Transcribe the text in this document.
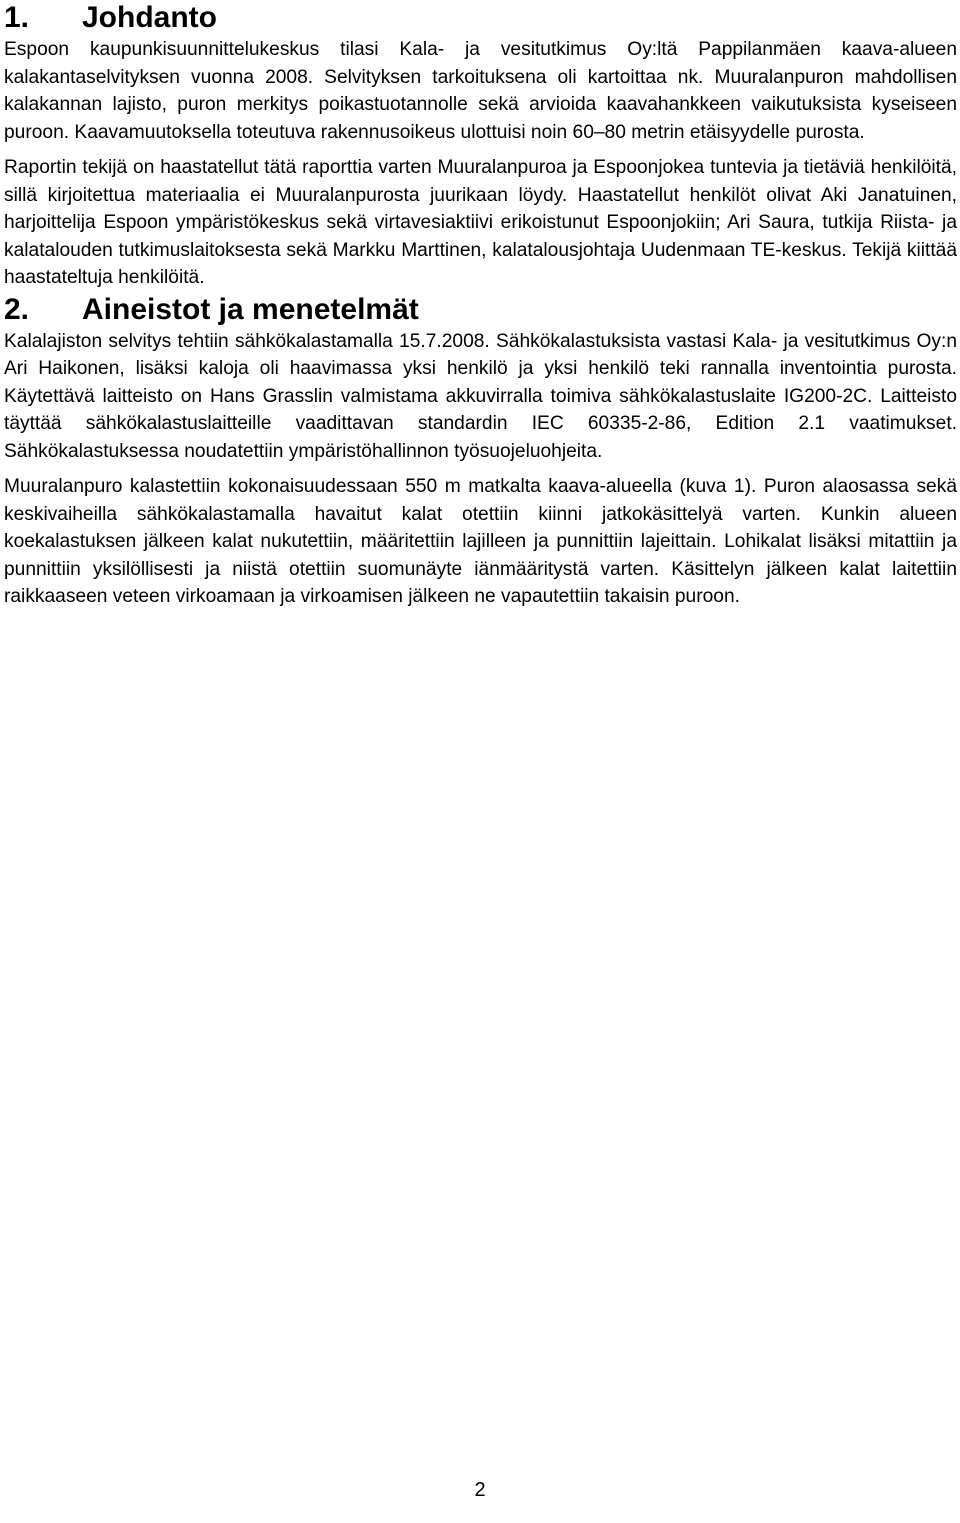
1.	Johdanto

Espoon kaupunkisuunnittelukeskus tilasi Kala- ja vesitutkimus Oy:ltä Pappilanmäen kaava-alueen kalakantaselvityksen vuonna 2008. Selvityksen tarkoituksena oli kartoittaa nk. Muuralanpuron mahdollisen kalakannan lajisto, puron merkitys poikastuotannolle sekä arvioida kaavahankkeen vaikutuksista kyseiseen puroon. Kaavamuutoksella toteutuva rakennusoikeus ulottuisi noin 60–80 metrin etäisyydelle purosta.

Raportin tekijä on haastatellut tätä raporttia varten Muuralanpuroa ja Espoonjokea tuntevia ja tietäviä henkilöitä, sillä kirjoitettua materiaalia ei Muuralanpurosta juurikaan löydy. Haastatellut henkilöt olivat Aki Janatuinen, harjoittelija Espoon ympäristökeskus sekä virtavesiaktiivi erikoistunut Espoonjokiin; Ari Saura, tutkija Riista- ja kalatalouden tutkimuslaitoksesta sekä Markku Marttinen, kalatalousjohtaja Uudenmaan TE-keskus. Tekijä kiittää haastateltuja henkilöitä.

2.	Aineistot ja menetelmät

Kalalajiston selvitys tehtiin sähkökalastamalla 15.7.2008. Sähkökalastuksista vastasi Kala- ja vesitutkimus Oy:n Ari Haikonen, lisäksi kaloja oli haavimassa yksi henkilö ja yksi henkilö teki rannalla inventointia purosta. Käytettävä laitteisto on Hans Grasslin valmistama akkuvirralla toimiva sähkökalastuslaite IG200-2C. Laitteisto täyttää sähkökalastuslaitteille vaadittavan standardin IEC 60335-2-86, Edition 2.1 vaatimukset. Sähkökalastuksessa noudatettiin ympäristöhallinnon työsuojeluohjeita.

Muuralanpuro kalastettiin kokonaisuudessaan 550 m matkalta kaava-alueella (kuva 1). Puron alaosassa sekä keskivaiheilla sähkökalastamalla havaitut kalat otettiin kiinni jatkokäsittelyä varten. Kunkin alueen koekalastuksen jälkeen kalat nukutettiin, määritettiin lajilleen ja punnittiin lajeittain. Lohikalat lisäksi mitattiin ja punnittiin yksilöllisesti ja niistä otettiin suomunäyte iänmääritystä varten. Käsittelyn jälkeen kalat laitettiin raikkaaseen veteen virkoamaan ja virkoamisen jälkeen ne vapautettiin takaisin puroon.

2
